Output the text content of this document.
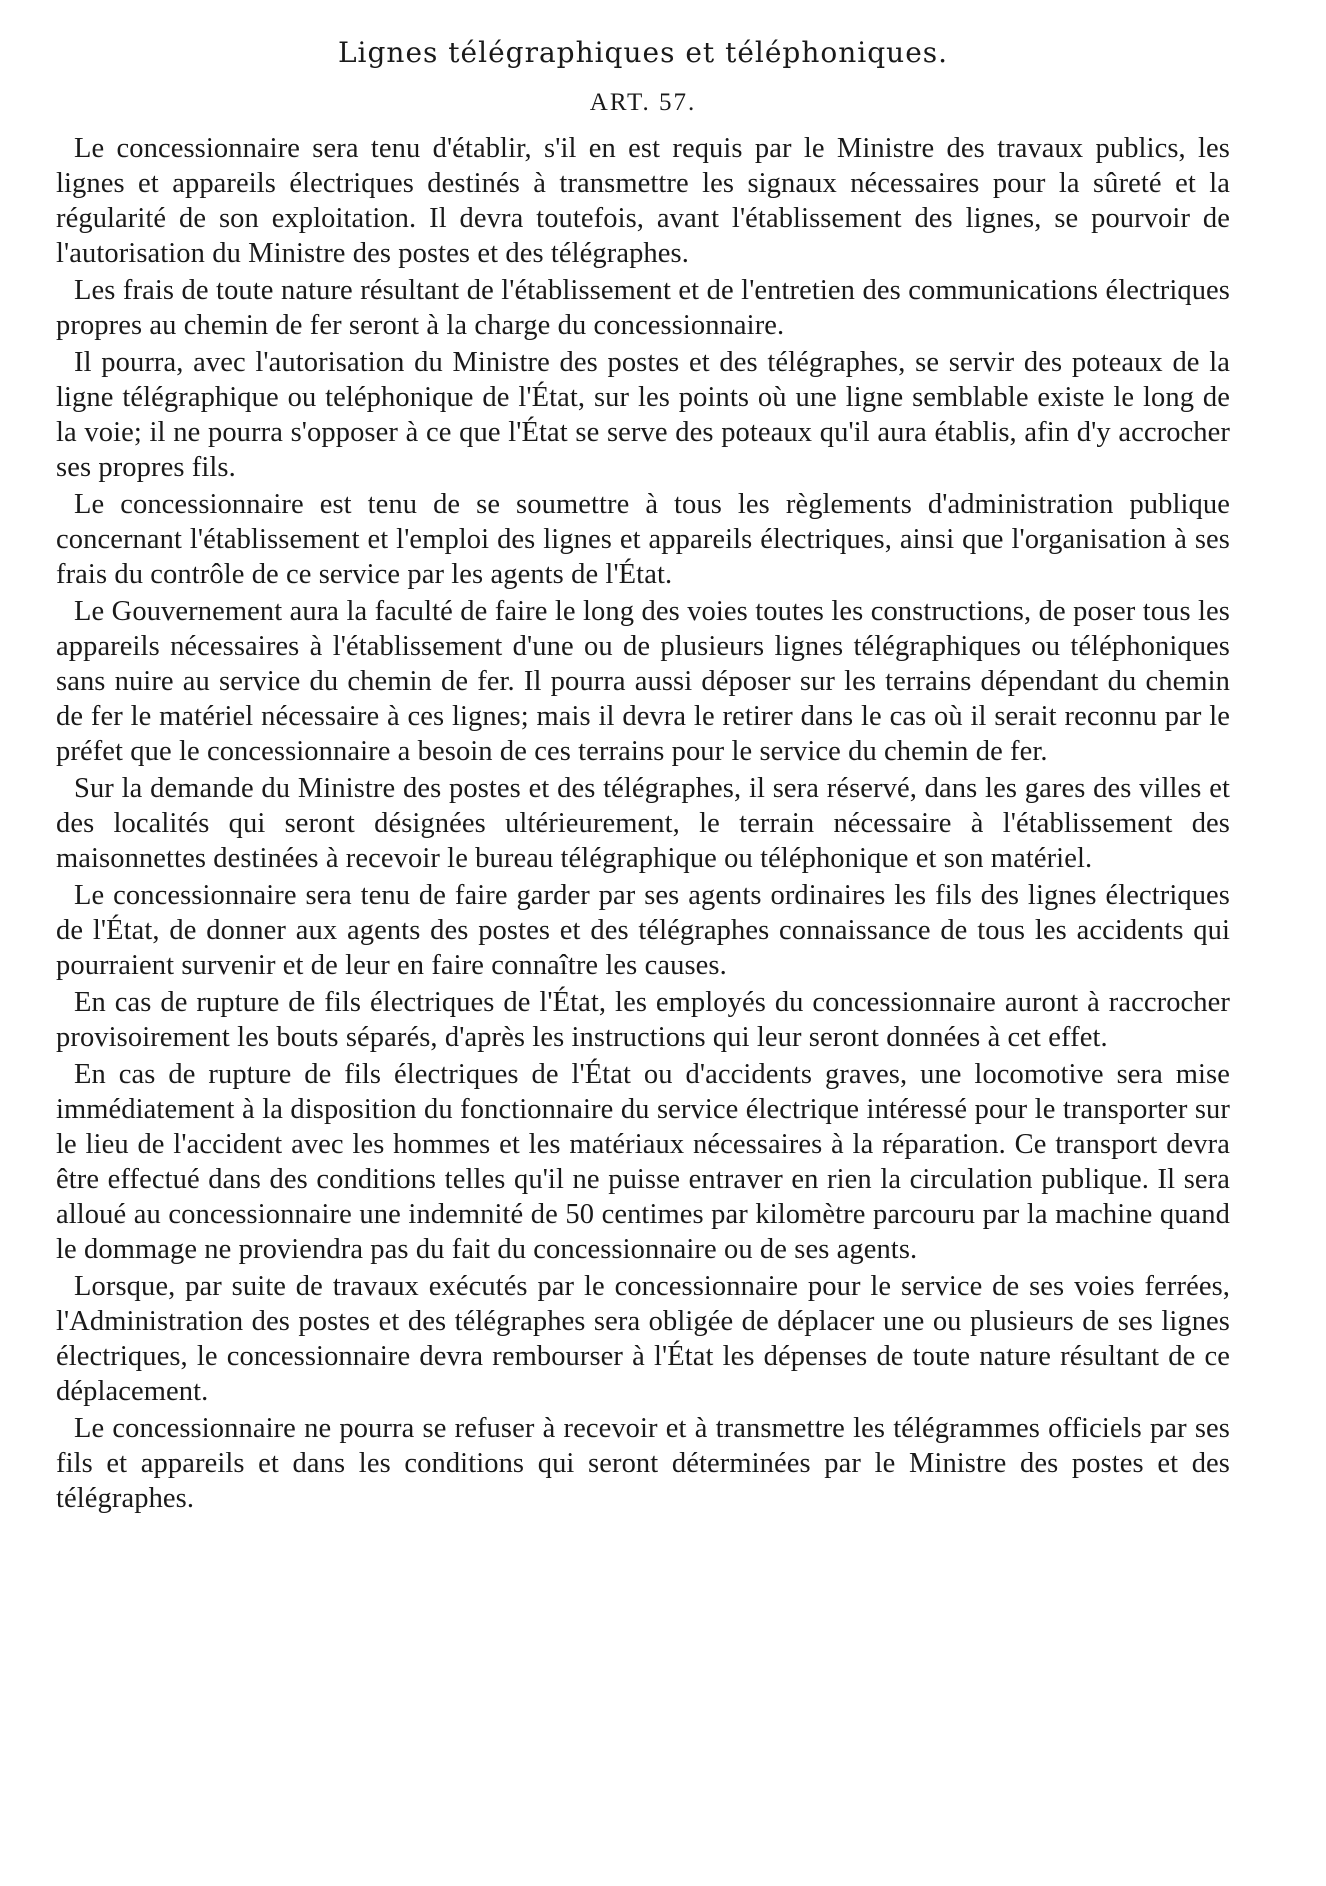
Lignes télégraphiques et téléphoniques.
ART. 57.

Le concessionnaire sera tenu d'établir, s'il en est requis par le Ministre des travaux publics, les lignes et appareils électriques destinés à transmettre les signaux nécessaires pour la sûreté et la régularité de son exploitation. Il devra toutefois, avant l'établissement des lignes, se pourvoir de l'autorisation du Ministre des postes et des télégraphes.

Les frais de toute nature résultant de l'établissement et de l'entretien des communications électriques propres au chemin de fer seront à la charge du concessionnaire.

Il pourra, avec l'autorisation du Ministre des postes et des télégraphes, se servir des poteaux de la ligne télégraphique ou teléphonique de l'État, sur les points où une ligne semblable existe le long de la voie; il ne pourra s'opposer à ce que l'État se serve des poteaux qu'il aura établis, afin d'y accrocher ses propres fils.

Le concessionnaire est tenu de se soumettre à tous les règlements d'administration publique concernant l'établissement et l'emploi des lignes et appareils électriques, ainsi que l'organisation à ses frais du contrôle de ce service par les agents de l'État.

Le Gouvernement aura la faculté de faire le long des voies toutes les constructions, de poser tous les appareils nécessaires à l'établissement d'une ou de plusieurs lignes télégraphiques ou téléphoniques sans nuire au service du chemin de fer. Il pourra aussi déposer sur les terrains dépendant du chemin de fer le matériel nécessaire à ces lignes; mais il devra le retirer dans le cas où il serait reconnu par le préfet que le concessionnaire a besoin de ces terrains pour le service du chemin de fer.

Sur la demande du Ministre des postes et des télégraphes, il sera réservé, dans les gares des villes et des localités qui seront désignées ultérieurement, le terrain nécessaire à l'établissement des maisonnettes destinées à recevoir le bureau télégraphique ou téléphonique et son matériel.

Le concessionnaire sera tenu de faire garder par ses agents ordinaires les fils des lignes électriques de l'État, de donner aux agents des postes et des télégraphes connaissance de tous les accidents qui pourraient survenir et de leur en faire connaître les causes.

En cas de rupture de fils électriques de l'État, les employés du concessionnaire auront à raccrocher provisoirement les bouts séparés, d'après les instructions qui leur seront données à cet effet.

En cas de rupture de fils électriques de l'État ou d'accidents graves, une locomotive sera mise immédiatement à la disposition du fonctionnaire du service électrique intéressé pour le transporter sur le lieu de l'accident avec les hommes et les matériaux nécessaires à la réparation. Ce transport devra être effectué dans des conditions telles qu'il ne puisse entraver en rien la circulation publique. Il sera alloué au concessionnaire une indemnité de 50 centimes par kilomètre parcouru par la machine quand le dommage ne proviendra pas du fait du concessionnaire ou de ses agents.

Lorsque, par suite de travaux exécutés par le concessionnaire pour le service de ses voies ferrées, l'Administration des postes et des télégraphes sera obligée de déplacer une ou plusieurs de ses lignes électriques, le concessionnaire devra rembourser à l'État les dépenses de toute nature résultant de ce déplacement.

Le concessionnaire ne pourra se refuser à recevoir et à transmettre les télégrammes officiels par ses fils et appareils et dans les conditions qui seront déterminées par le Ministre des postes et des télégraphes.
